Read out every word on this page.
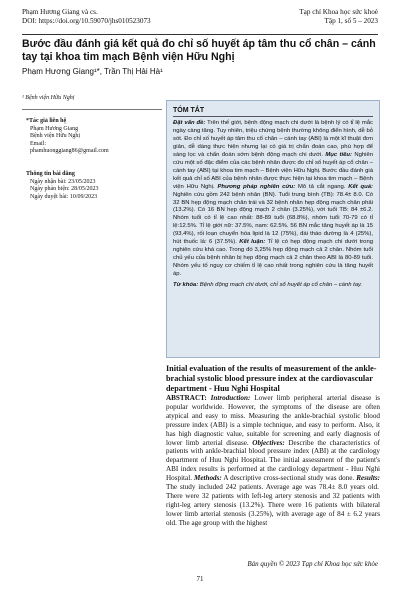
Phạm Hương Giang và cs.
DOI: https://doi.org/10.59070/jhs010523073
Tạp chí Khoa học sức khoẻ
Tập 1, số 5 – 2023
Bước đầu đánh giá kết quả đo chỉ số huyết áp tâm thu cổ chân – cánh tay tại khoa tim mạch Bệnh viện Hữu Nghị
Phạm Hương Giang¹*, Trần Thị Hải Hà¹
¹ Bệnh viện Hữu Nghị
*Tác giả liên hệ
Phạm Hương Giang
Bệnh viện Hữu Nghị
Email:
phamhuonggiang86@gmail.com
Thông tin bài đăng
Ngày nhận bài: 23/05/2023
Ngày phản biện: 28/05/2023
Ngày duyệt bài: 10/09/2023
TÓM TẮT
Đặt vấn đề: Trên thế giới, bệnh động mạch chi dưới là bệnh lý có tỉ lệ mắc ngày càng tăng. Tuy nhiên, triệu chứng bệnh thường không điển hình, dễ bỏ sót. Đo chỉ số huyết áp tâm thu cổ chân – cánh tay (ABI) là một kĩ thuật đơn giản, dễ dàng thực hiện nhưng lại có giá trị chẩn đoán cao, phù hợp để sàng lọc và chẩn đoán sớm bệnh động mạch chi dưới. Mục tiêu: Nghiên cứu một số đặc điểm của các bệnh nhân được đo chỉ số huyết áp cổ chân – cánh tay (ABI) tại khoa tim mạch – Bệnh viện Hữu Nghị. Bước đầu đánh giá kết quả chỉ số ABI của bệnh nhân được thực hiện tại khoa tim mạch – Bệnh viện Hữu Nghị. Phương pháp nghiên cứu: Mô tả cắt ngang. Kết quả: Nghiên cứu gồm 242 bệnh nhân (BN). Tuổi trung bình (TB): 78.4± 8.0. Có 32 BN hẹp động mạch chân trái và 32 bệnh nhân hẹp động mạch chân phải (13.2%). Có 16 BN hẹp động mạch 2 chân (3.25%), với tuổi TB: 84 ±6.2. Nhóm tuổi có tỉ lệ cao nhất: 88-89 tuổi (68.8%), nhóm tuổi 70-79 có tỉ lệ:12.5%. Tỉ lệ giới nữ: 37.5%, nam: 62.5%. 56 BN mắc tăng huyết áp là 15 (93.4%), rối loạn chuyển hóa lipid là 12 (75%), đái tháo đường là 4 (25%), hút thuốc lá: 6 (37.5%). Kết luận: Tỉ lệ có hẹp động mạch chi dưới trong nghiên cứu khá cao. Trong đó 3,25% hẹp động mạch cả 2 chân. Nhóm tuổi chủ yếu của bệnh nhân bị hẹp động mạch cả 2 chân theo ABI là 80-89 tuổi. Nhóm yếu tố nguy cơ chiếm tỉ lệ cao nhất trong nghiên cứu là tăng huyết áp.
Từ khóa: Bệnh động mạch chi dưới, chỉ số huyết áp cổ chân – cánh tay.
Initial evaluation of the results of measurement of the ankle-brachial systolic blood pressure index at the cardiovascular department - Huu Nghi Hospital
ABSTRACT: Introduction: Lower limb peripheral arterial disease is popular worldwide. However, the symptoms of the disease are often atypical and easy to miss. Measuring the ankle-brachial systolic blood pressure index (ABI) is a simple technique, and easy to perform. Also, it has high diagnostic value, suitable for screening and early diagnosis of lower limb arterial disease. Objectives: Describe the characteristics of patients with ankle-brachial blood pressure index (ABI) at the cardiology department of Huu Nghi Hospital. The initial assessment of the patient's ABI index results is performed at the cardiology department - Huu Nghi Hospital. Methods: A descriptive cross-sectional study was done. Results: The study included 242 patients. Average age was 78.4± 8.0 years old. There were 32 patients with left-leg artery stenosis and 32 patients with right-leg artery stenosis (13.2%). There were 16 patients with bilateral lower limb arterial stenosis (3.25%), with average age of 84 ± 6.2 years old. The age group with the highest
Bản quyền © 2023 Tạp chí Khoa học sức khỏe
71
